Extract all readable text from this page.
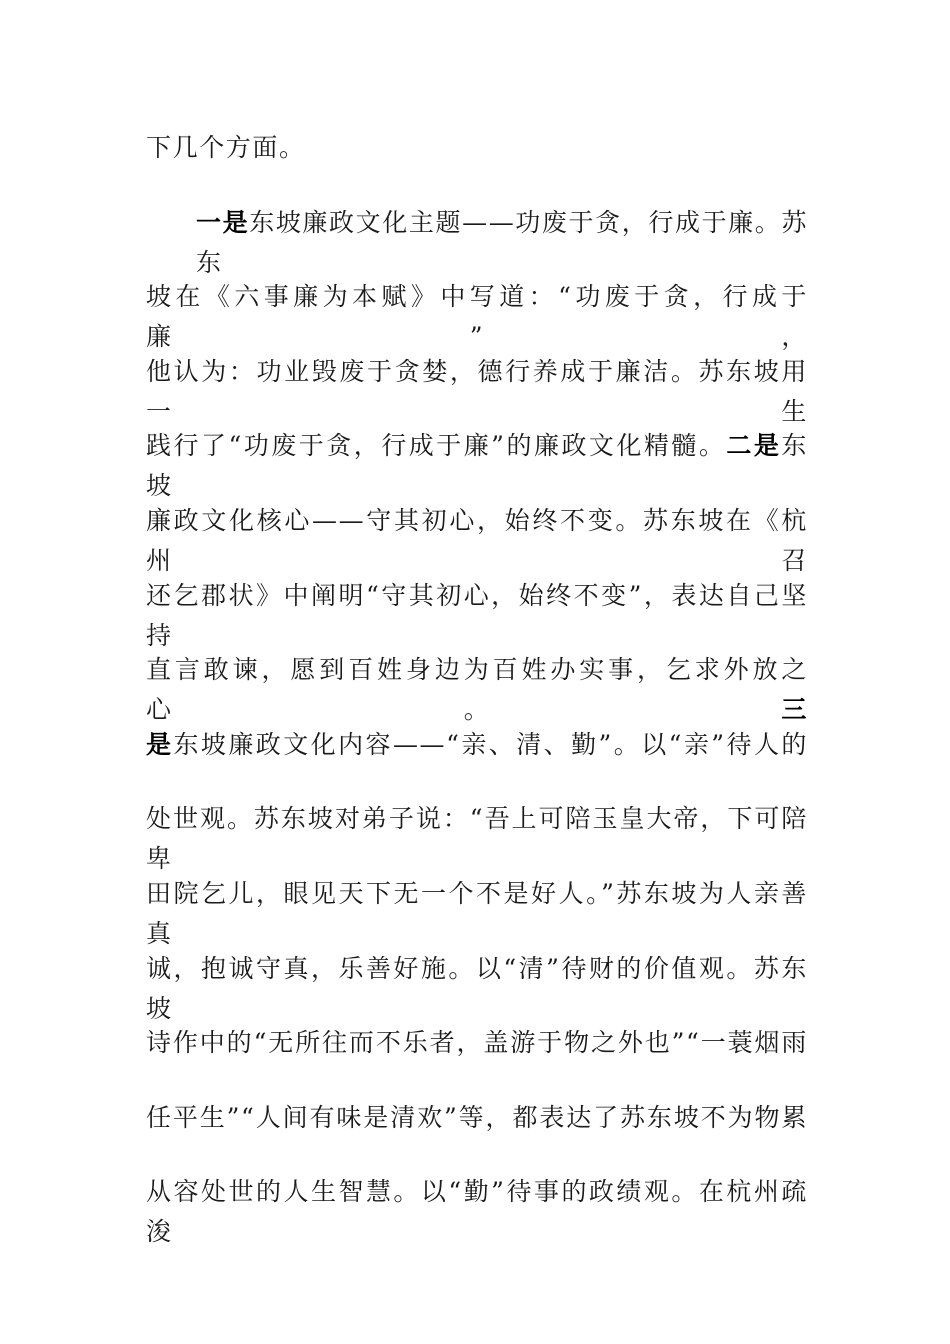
下几个方面。
一是东坡廉政文化主题——功废于贪，行成于廉。苏东
坡在《六事廉为本赋》中写道：“功废于贪，行成于廉”，
他认为：功业毁废于贪婪，德行养成于廉洁。苏东坡用一生
践行了“功废于贪，行成于廉”的廉政文化精髓。二是东坡
廉政文化核心——守其初心，始终不变。苏东坡在《杭州召
还乞郡状》中阐明“守其初心，始终不变”，表达自己坚持
直言敢谏，愿到百姓身边为百姓办实事，乞求外放之心。三
是东坡廉政文化内容——“亲、清、勤”。以“亲”待人的
处世观。苏东坡对弟子说：“吾上可陪玉皇大帝，下可陪卑
田院乞儿，眼见天下无一个不是好人。”苏东坡为人亲善真
诚，抱诚守真，乐善好施。以“清”待财的价值观。苏东坡
诗作中的“无所往而不乐者，盖游于物之外也”“一蓑烟雨
任平生”“人间有味是清欢”等，都表达了苏东坡不为物累
从容处世的人生智慧。以“勤”待事的政绩观。在杭州疏浚
